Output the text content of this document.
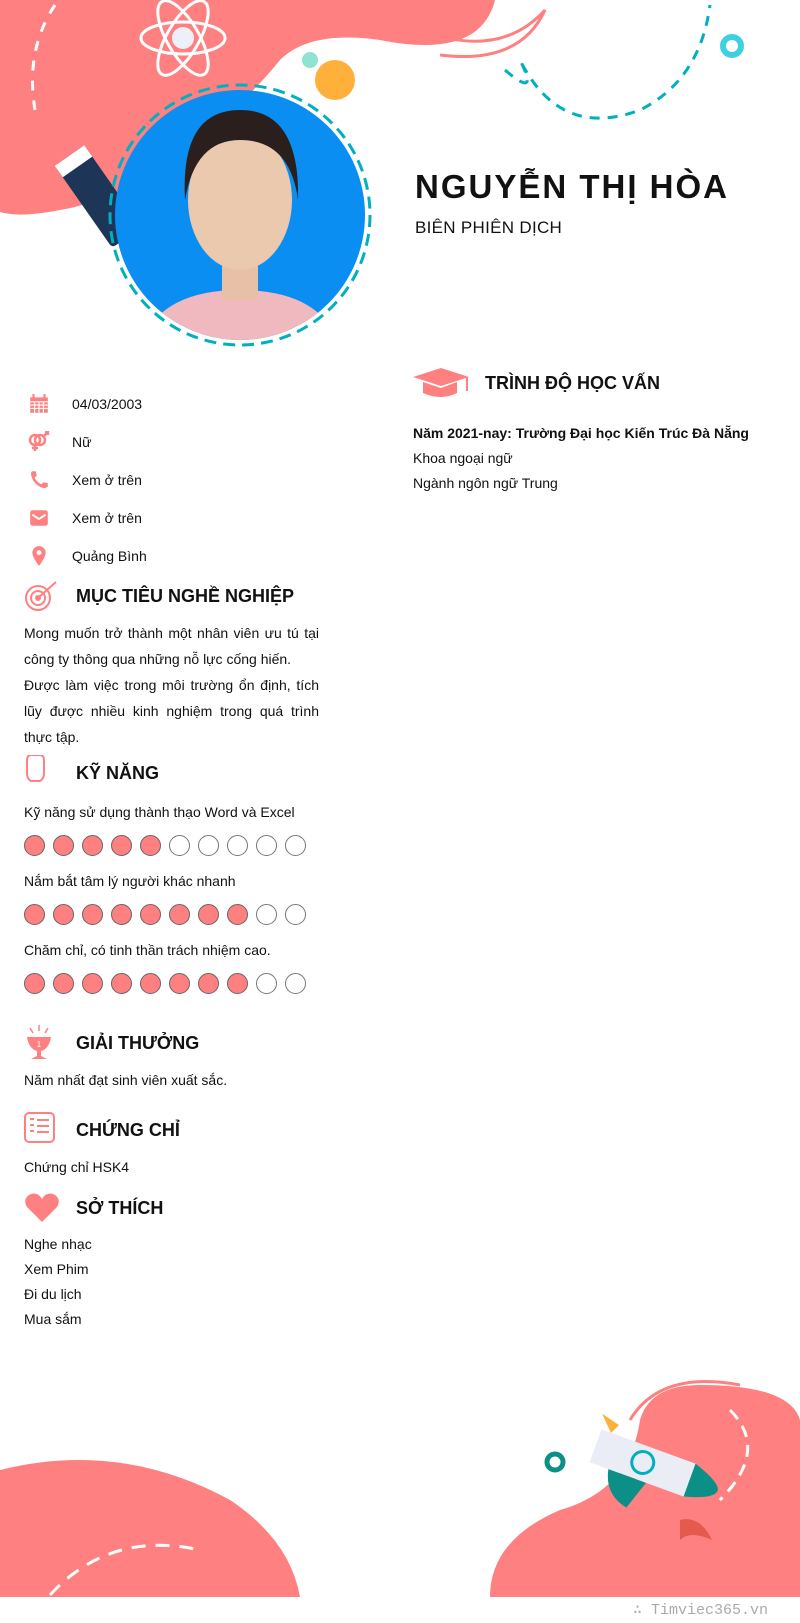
NGUYỄN THỊ HÒA
BIÊN PHIÊN DỊCH
04/03/2003
Nữ
Xem ở trên
Xem ở trên
Quảng Bình
MỤC TIÊU NGHỀ NGHIỆP

Mong muốn trở thành một nhân viên ưu tú tại công ty thông qua những nỗ lực cống hiến.

Được làm việc trong môi trường ổn định, tích lũy được nhiều kinh nghiệm trong quá trình thực tập.

KỸ NĂNG
Kỹ năng sử dụng thành thạo Word và Excel
Nắm bắt tâm lý người khác nhanh
Chăm chỉ, có tinh thần trách nhiệm cao.
1 GIẢI THƯỞNG
Năm nhất đạt sinh viên xuất sắc.
CHỨNG CHỈ
Chứng chỉ HSK4
SỞ THÍCH

Nghe nhạc

Xem Phim

Đi du lịch

Mua sắm

TRÌNH ĐỘ HỌC VẤN

Năm 2021-nay: Trường Đại học Kiến Trúc Đà Nẵng

Khoa ngoại ngữ

Ngành ngôn ngữ Trung

∴ Timviec365.vn
